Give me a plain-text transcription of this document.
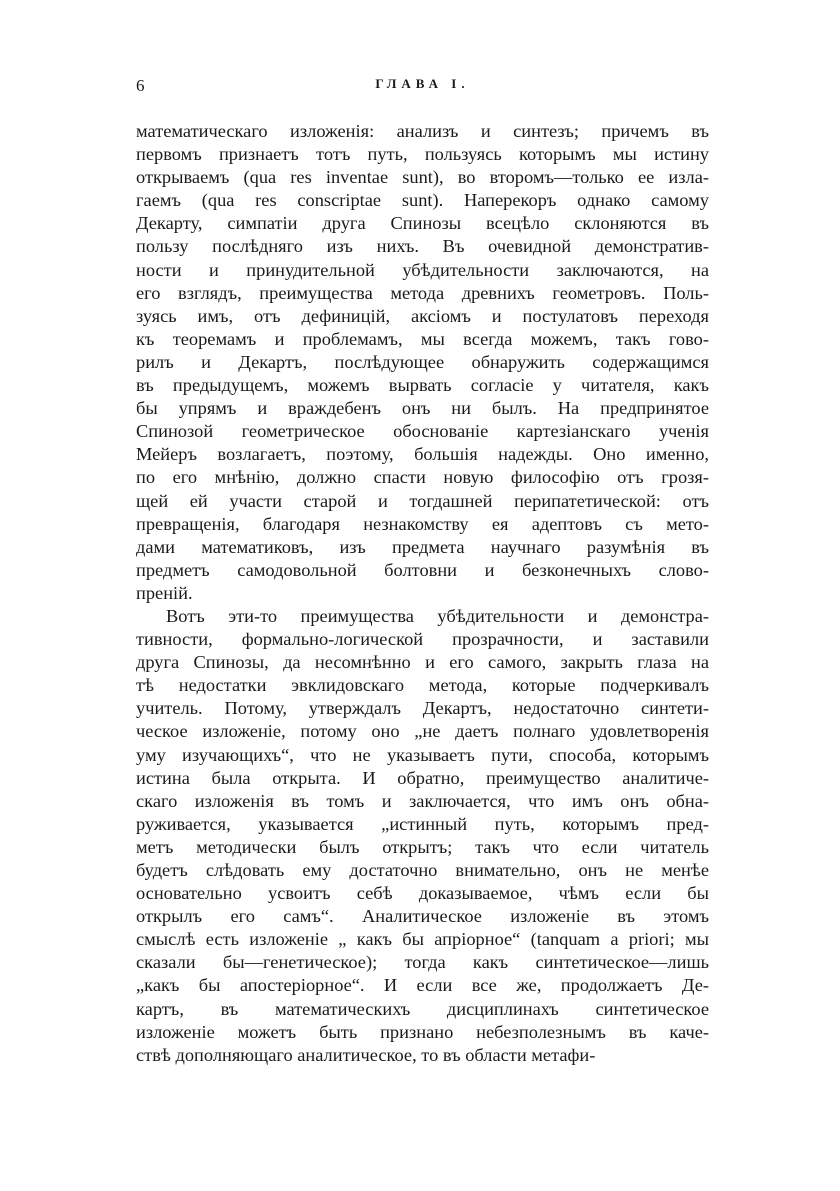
6	ГЛАВА I.
математическаго изложенія: анализъ и синтезъ; причемъ въ
первомъ признаетъ тотъ путь, пользуясь которымъ мы истину
открываемъ (qua res inventae sunt), во второмъ—только ее изла-
гаемъ (qua res conscriptae sunt). Наперекоръ однако самому
Декарту, симпатіи друга Спинозы всецѣло склоняются въ
пользу послѣдняго изъ нихъ. Въ очевидной демонстратив-
ности и принудительной убѣдительности заключаются, на
его взглядъ, преимущества метода древнихъ геометровъ. Поль-
зуясь имъ, отъ дефиницій, аксіомъ и постулатовъ переходя
къ теоремамъ и проблемамъ, мы всегда можемъ, такъ гово-
рилъ и Декартъ, послѣдующее обнаружить содержащимся
въ предыдущемъ, можемъ вырвать согласіе у читателя, какъ
бы упрямъ и враждебенъ онъ ни былъ. На предпринятое
Спинозой геометрическое обоснованіе картезіанскаго ученія
Мейеръ возлагаетъ, поэтому, большія надежды. Оно именно,
по его мнѣнію, должно спасти новую философію отъ грозя-
щей ей участи старой и тогдашней перипатетической: отъ
превращенія, благодаря незнакомству ея адептовъ съ мето-
дами математиковъ, изъ предмета научнаго разумѣнія въ
предметъ самодовольной болтовни и безконечныхъ слово-
преній.
Вотъ эти-то преимущества убѣдительности и демонстра-
тивности, формально-логической прозрачности, и заставили
друга Спинозы, да несомнѣнно и его самого, закрыть глаза на
тѣ недостатки эвклидовскаго метода, которые подчеркивалъ
учитель. Потому, утверждалъ Декартъ, недостаточно синтети-
ческое изложеніе, потому оно „не даетъ полнаго удовлетворенія
уму изучающихъ“, что не указываетъ пути, способа, которымъ
истина была открыта. И обратно, преимущество аналитиче-
скаго изложенія въ томъ и заключается, что имъ онъ обна-
руживается, указывается „истинный путь, которымъ пред-
метъ методически былъ открытъ; такъ что если читатель
будетъ слѣдовать ему достаточно внимательно, онъ не менѣе
основательно усвоитъ себѣ доказываемое, чѣмъ если бы
открылъ его самъ“. Аналитическое изложеніе въ этомъ
смыслѣ есть изложеніе „ какъ бы апріорное“ (tanquam a priori; мы
сказали бы—генетическое); тогда какъ синтетическое—лишь
„какъ бы апостеріорное“. И если все же, продолжаетъ Де-
картъ, въ математическихъ дисциплинахъ синтетическое
изложеніе можетъ быть признано небезполезнымъ въ каче-
ствѣ дополняющаго аналитическое, то въ области метафи-
